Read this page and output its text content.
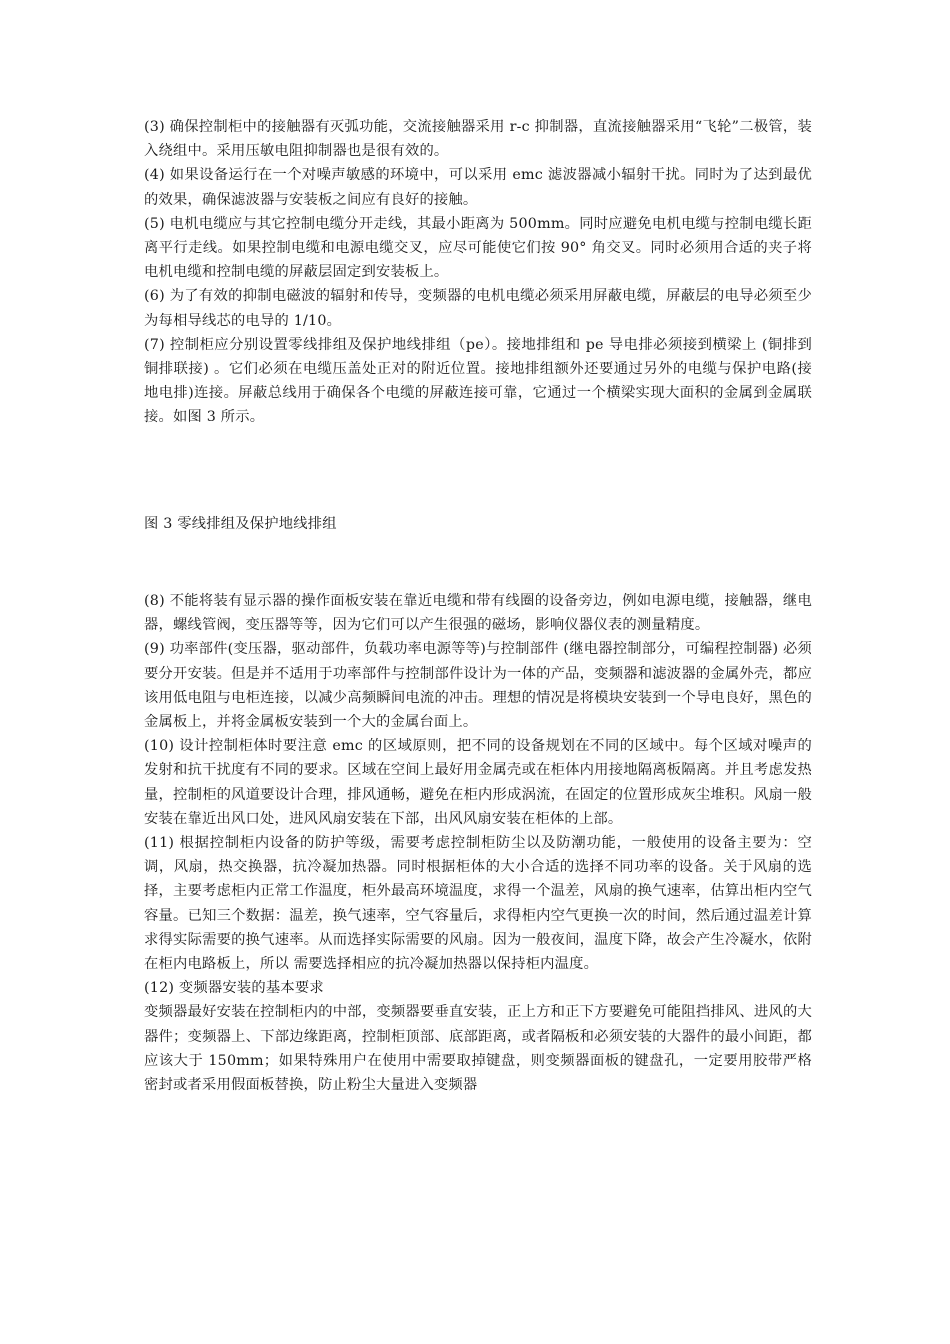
(3) 确保控制柜中的接触器有灭弧功能，交流接触器采用 r-c 抑制器，直流接触器采用“飞轮”二极管，装入绕组中。采用压敏电阻抑制器也是很有效的。

(4) 如果设备运行在一个对噪声敏感的环境中，可以采用 emc 滤波器减小辐射干扰。同时为了达到最优的效果，确保滤波器与安装板之间应有良好的接触。

(5) 电机电缆应与其它控制电缆分开走线，其最小距离为 500mm。同时应避免电机电缆与控制电缆长距离平行走线。如果控制电缆和电源电缆交叉，应尽可能使它们按 90° 角交叉。同时必须用合适的夹子将电机电缆和控制电缆的屏蔽层固定到安装板上。

(6) 为了有效的抑制电磁波的辐射和传导，变频器的电机电缆必须采用屏蔽电缆，屏蔽层的电导必须至少为每相导线芯的电导的 1/10。

(7) 控制柜应分别设置零线排组及保护地线排组（pe）。接地排组和 pe 导电排必须接到横梁上 (铜排到铜排联接) 。它们必须在电缆压盖处正对的附近位置。接地排组额外还要通过另外的电缆与保护电路(接地电排)连接。屏蔽总线用于确保各个电缆的屏蔽连接可靠，它通过一个横梁实现大面积的金属到金属联接。如图 3 所示。

图 3 零线排组及保护地线排组

(8) 不能将装有显示器的操作面板安装在靠近电缆和带有线圈的设备旁边，例如电源电缆，接触器，继电器，螺线管阀，变压器等等，因为它们可以产生很强的磁场，影响仪器仪表的测量精度。

(9) 功率部件(变压器，驱动部件，负载功率电源等等)与控制部件 (继电器控制部分，可编程控制器) 必须要分开安装。但是并不适用于功率部件与控制部件设计为一体的产品，变频器和滤波器的金属外壳，都应该用低电阻与电柜连接，以减少高频瞬间电流的冲击。理想的情况是将模块安装到一个导电良好，黑色的金属板上，并将金属板安装到一个大的金属台面上。

(10) 设计控制柜体时要注意 emc 的区域原则，把不同的设备规划在不同的区域中。每个区域对噪声的发射和抗干扰度有不同的要求。区域在空间上最好用金属壳或在柜体内用接地隔离板隔离。并且考虑发热量，控制柜的风道要设计合理，排风通畅，避免在柜内形成涡流，在固定的位置形成灰尘堆积。风扇一般安装在靠近出风口处，进风风扇安装在下部，出风风扇安装在柜体的上部。

(11) 根据控制柜内设备的防护等级，需要考虑控制柜防尘以及防潮功能，一般使用的设备主要为：空调，风扇，热交换器，抗冷凝加热器。同时根据柜体的大小合适的选择不同功率的设备。关于风扇的选择，主要考虑柜内正常工作温度，柜外最高环境温度，求得一个温差，风扇的换气速率，估算出柜内空气容量。已知三个数据：温差，换气速率，空气容量后，求得柜内空气更换一次的时间，然后通过温差计算求得实际需要的换气速率。从而选择实际需要的风扇。因为一般夜间，温度下降，故会产生冷凝水，依附在柜内电路板上，所以 需要选择相应的抗冷凝加热器以保持柜内温度。

(12) 变频器安装的基本要求

变频器最好安装在控制柜内的中部，变频器要垂直安装，正上方和正下方要避免可能阻挡排风、进风的大器件；变频器上、下部边缘距离，控制柜顶部、底部距离，或者隔板和必须安装的大器件的最小间距，都应该大于 150mm；如果特殊用户在使用中需要取掉键盘，则变频器面板的键盘孔，一定要用胶带严格密封或者采用假面板替换，防止粉尘大量进入变频器
